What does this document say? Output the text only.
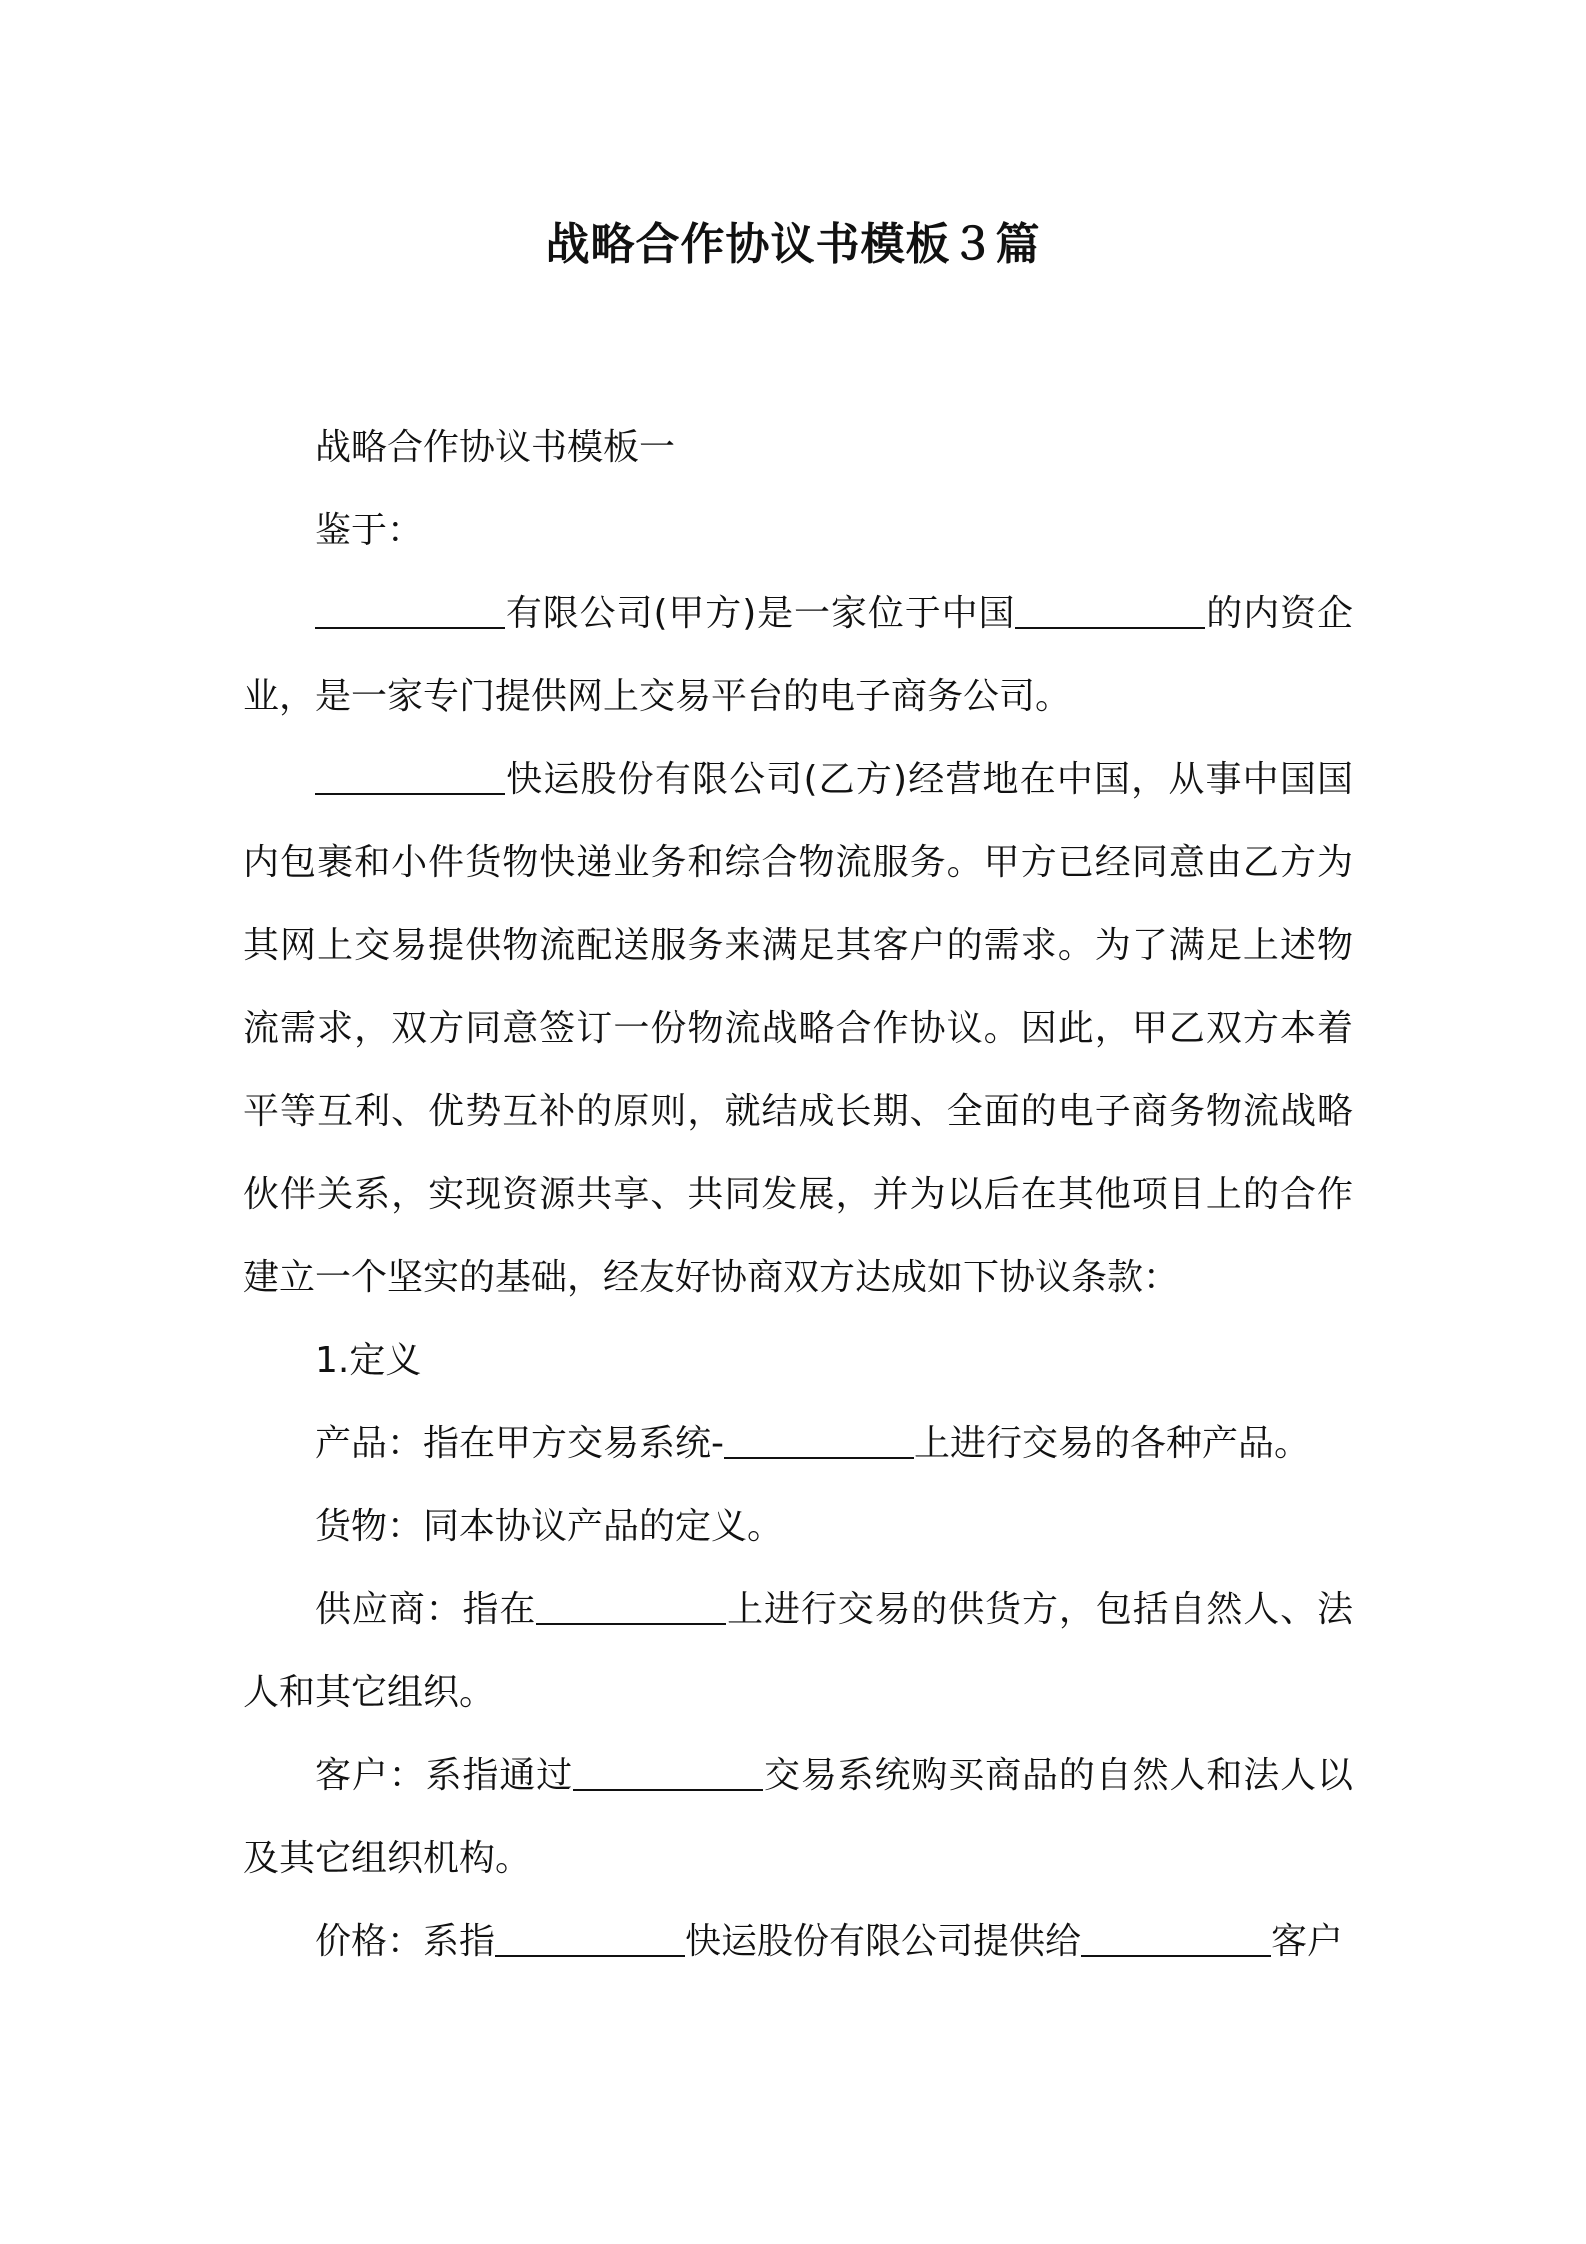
战略合作协议书模板３篇

战略合作协议书模板一

鉴于：

有限公司(甲方)是一家位于中国	的内资企业，是一家专门提供网上交易平台的电子商务公司。

快运股份有限公司(乙方)经营地在中国，从事中国国内包裹和小件货物快递业务和综合物流服务。甲方已经同意由乙方为其网上交易提供物流配送服务来满足其客户的需求。为了满足上述物流需求，双方同意签订一份物流战略合作协议。因此，甲乙双方本着平等互利、优势互补的原则，就结成长期、全面的电子商务物流战略伙伴关系，实现资源共享、共同发展，并为以后在其他项目上的合作建立一个坚实的基础，经友好协商双方达成如下协议条款：

1.定义

产品：指在甲方交易系统-	上进行交易的各种产品。

货物：同本协议产品的定义。

供应商：指在	上进行交易的供货方，包括自然人、法人和其它组织。

客户：系指通过	交易系统购买商品的自然人和法人以及其它组织机构。

价格：系指	快运股份有限公司提供给	客户
